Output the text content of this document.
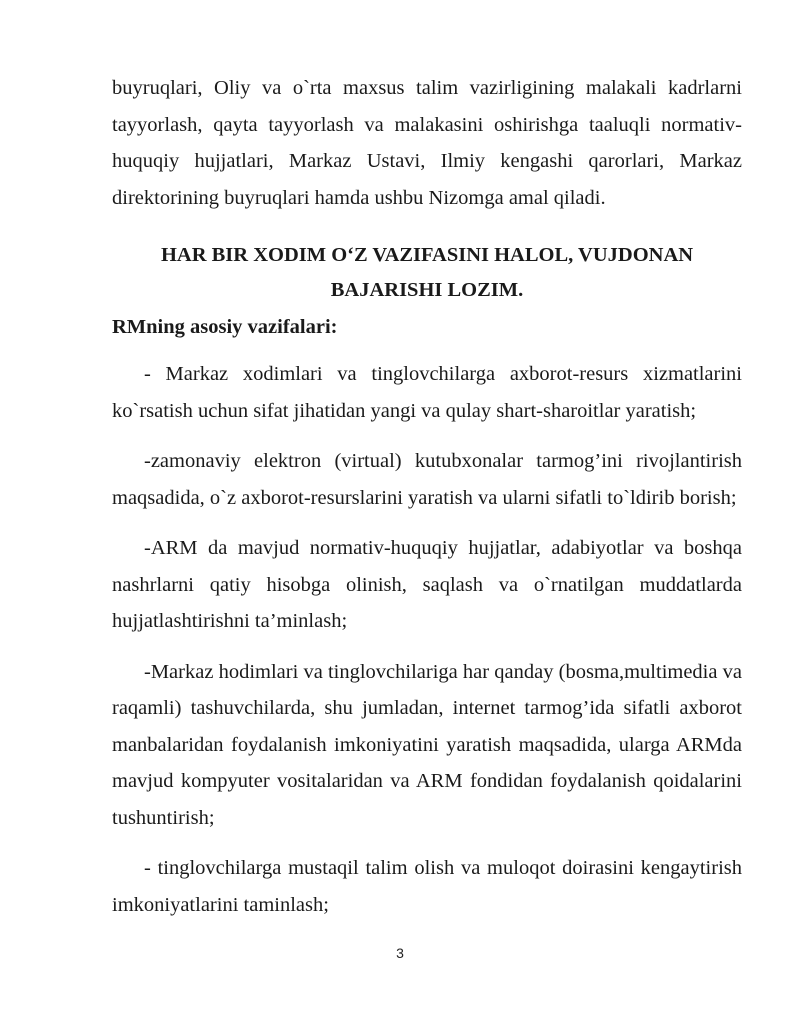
buyruqlari, Oliy va o`rta maxsus talim vazirligining malakali kadrlarni tayyorlash, qayta tayyorlash va malakasini oshirishga taaluqli normativ-huquqiy hujjatlari, Markaz Ustavi, Ilmiy kengashi qarorlari, Markaz direktorining buyruqlari hamda ushbu Nizomga amal qiladi.

HAR BIR XODIM O‘Z VAZIFASINI HALOL, VUJDONAN BAJARISHI LOZIM.

RMning asosiy vazifalari:

- Markaz xodimlari va tinglovchilarga axborot-resurs xizmatlarini ko`rsatish uchun sifat jihatidan yangi va qulay shart-sharoitlar yaratish;

-zamonaviy elektron (virtual) kutubxonalar tarmog’ini rivojlantirish maqsadida, o`z axborot-resurslarini yaratish va ularni sifatli to`ldirib borish;

-ARM da mavjud normativ-huquqiy hujjatlar, adabiyotlar va boshqa nashrlarni qatiy hisobga olinish, saqlash va o`rnatilgan muddatlarda hujjatlashtirishni ta’minlash;

-Markaz hodimlari va tinglovchilariga har qanday (bosma,multimedia va raqamli) tashuvchilarda, shu jumladan, internet tarmog’ida sifatli axborot manbalaridan foydalanish imkoniyatini yaratish maqsadida, ularga ARMda mavjud kompyuter vositalaridan va ARM fondidan foydalanish qoidalarini tushuntirish;

- tinglovchilarga mustaqil talim olish va muloqot doirasini kengaytirish imkoniyatlarini taminlash;

3
